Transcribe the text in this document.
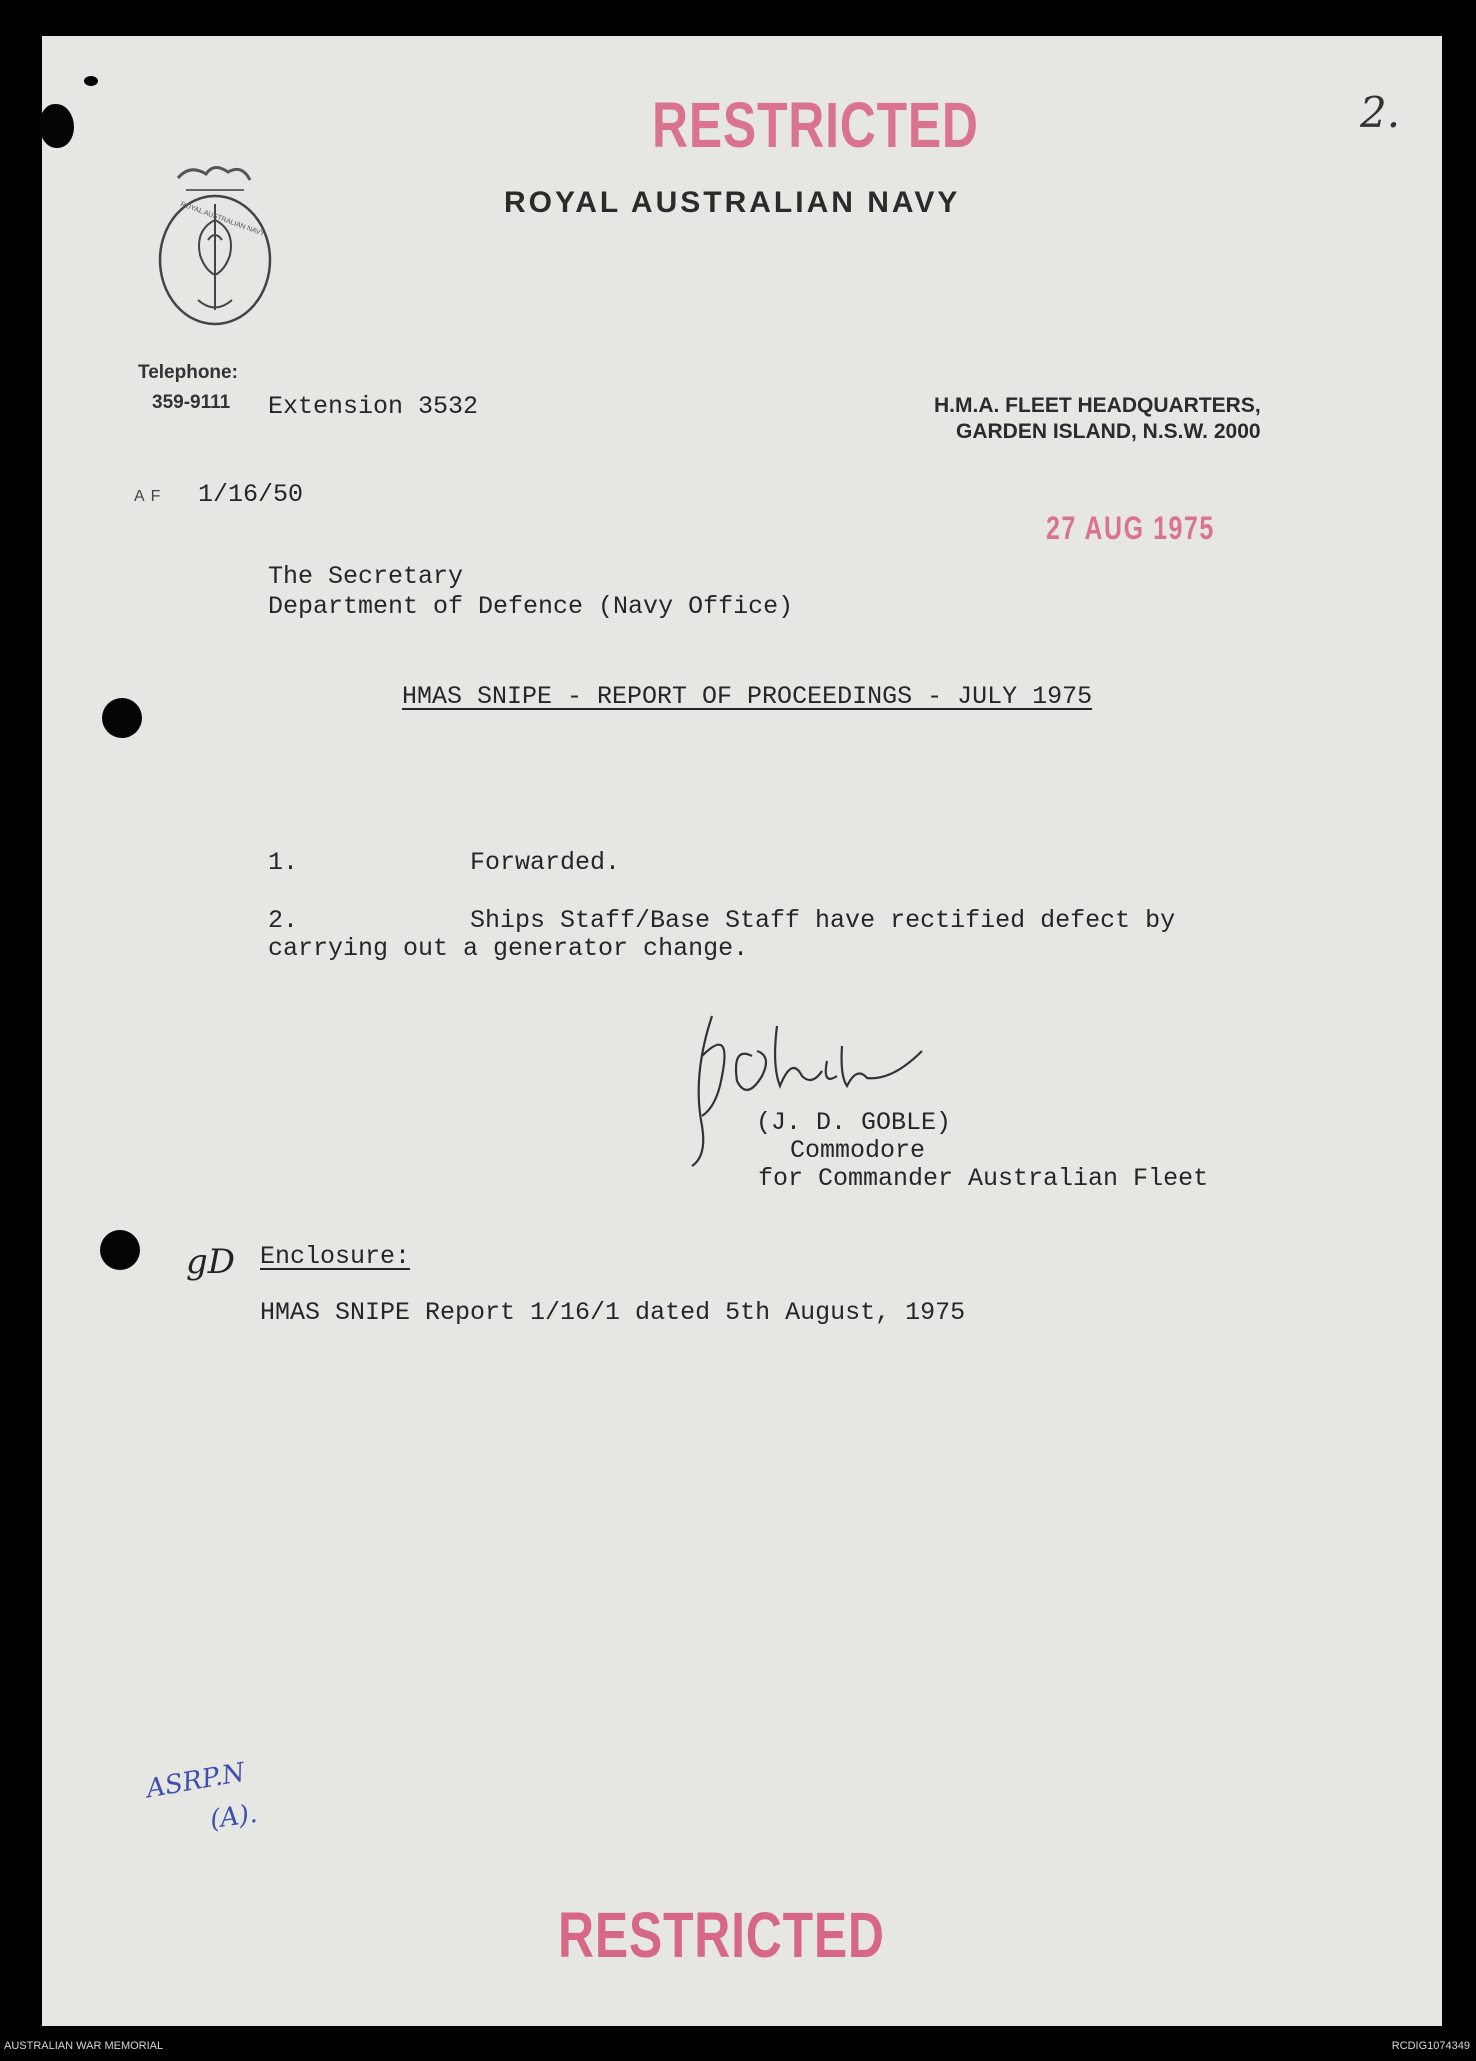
RESTRICTED	2.
ROYAL AUSTRALIAN NAVY	ROYAL AUSTRALIAN NAVY
Telephone:
359-9111 Extension 3532	H.M.A. FLEET HEADQUARTERS,
GARDEN ISLAND, N.S.W. 2000
AF 1/16/50
27 AUG 1975
The Secretary
Department of Defence (Navy Office)
HMAS SNIPE - REPORT OF PROCEEDINGS - JULY 1975
1.	Forwarded.
2.	Ships Staff/Base Staff have rectified defect by
carrying out a generator change.
(J. D. GOBLE)
Commodore
for Commander Australian Fleet
gD Enclosure:
HMAS SNIPE Report 1/16/1 dated 5th August, 1975
ASRP.N
(A).
RESTRICTED
AUSTRALIAN WAR MEMORIAL	RCDIG1074349
